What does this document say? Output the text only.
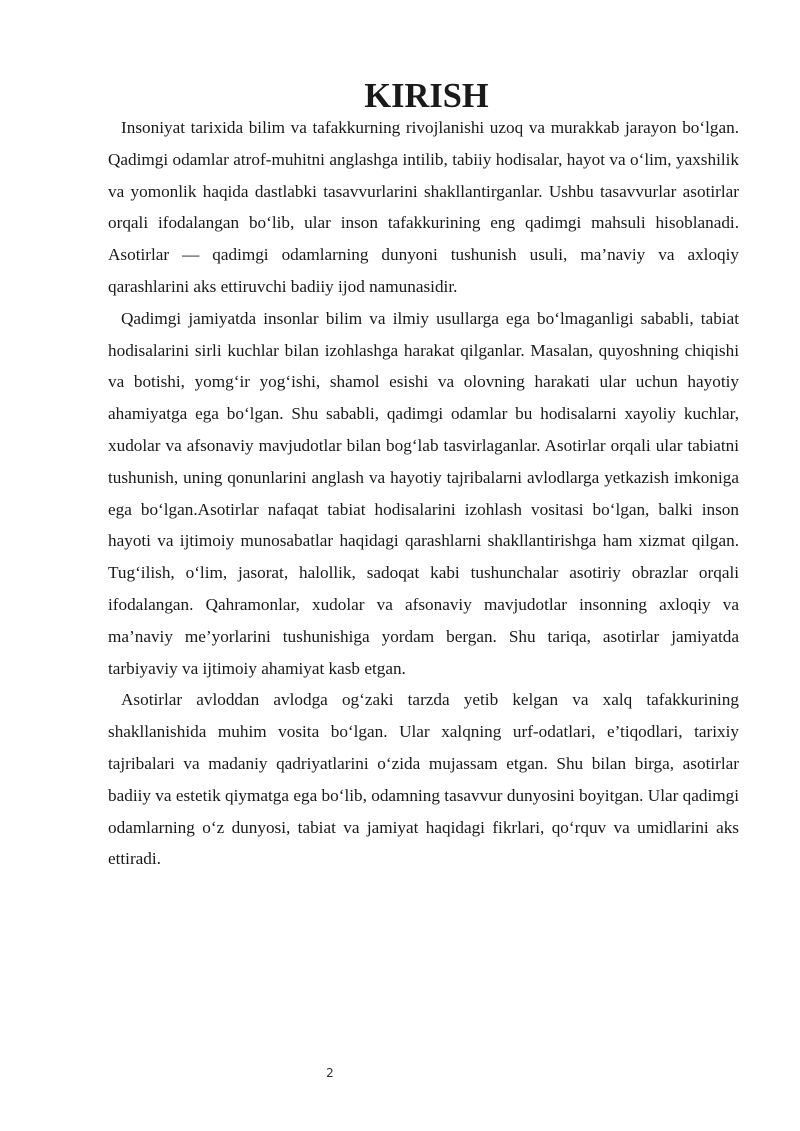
KIRISH

Insoniyat tarixida bilim va tafakkurning rivojlanishi uzoq va murakkab jarayon bo‘lgan. Qadimgi odamlar atrof-muhitni anglashga intilib, tabiiy hodisalar, hayot va o‘lim, yaxshilik va yomonlik haqida dastlabki tasavvurlarini shakllantirganlar. Ushbu tasavvurlar asotirlar orqali ifodalangan bo‘lib, ular inson tafakkurining eng qadimgi mahsuli hisoblanadi. Asotirlar — qadimgi odamlarning dunyoni tushunish usuli, ma’naviy va axloqiy qarashlarini aks ettiruvchi badiiy ijod namunasidir.

Qadimgi jamiyatda insonlar bilim va ilmiy usullarga ega bo‘lmaganligi sababli, tabiat hodisalarini sirli kuchlar bilan izohlashga harakat qilganlar. Masalan, quyoshning chiqishi va botishi, yomg‘ir yog‘ishi, shamol esishi va olovning harakati ular uchun hayotiy ahamiyatga ega bo‘lgan. Shu sababli, qadimgi odamlar bu hodisalarni xayoliy kuchlar, xudolar va afsonaviy mavjudotlar bilan bog‘lab tasvirlaganlar. Asotirlar orqali ular tabiatni tushunish, uning qonunlarini anglash va hayotiy tajribalarni avlodlarga yetkazish imkoniga ega bo‘lgan.Asotirlar nafaqat tabiat hodisalarini izohlash vositasi bo‘lgan, balki inson hayoti va ijtimoiy munosabatlar haqidagi qarashlarni shakllantirishga ham xizmat qilgan. Tug‘ilish, o‘lim, jasorat, halollik, sadoqat kabi tushunchalar asotiriy obrazlar orqali ifodalangan. Qahramonlar, xudolar va afsonaviy mavjudotlar insonning axloqiy va ma’naviy me’yorlarini tushunishiga yordam bergan. Shu tariqa, asotirlar jamiyatda tarbiyaviy va ijtimoiy ahamiyat kasb etgan.

Asotirlar avloddan avlodga og‘zaki tarzda yetib kelgan va xalq tafakkurining shakllanishida muhim vosita bo‘lgan. Ular xalqning urf-odatlari, e’tiqodlari, tarixiy tajribalari va madaniy qadriyatlarini o‘zida mujassam etgan. Shu bilan birga, asotirlar badiiy va estetik qiymatga ega bo‘lib, odamning tasavvur dunyosini boyitgan. Ular qadimgi odamlarning o‘z dunyosi, tabiat va jamiyat haqidagi fikrlari, qo‘rquv va umidlarini aks ettiradi.

2
